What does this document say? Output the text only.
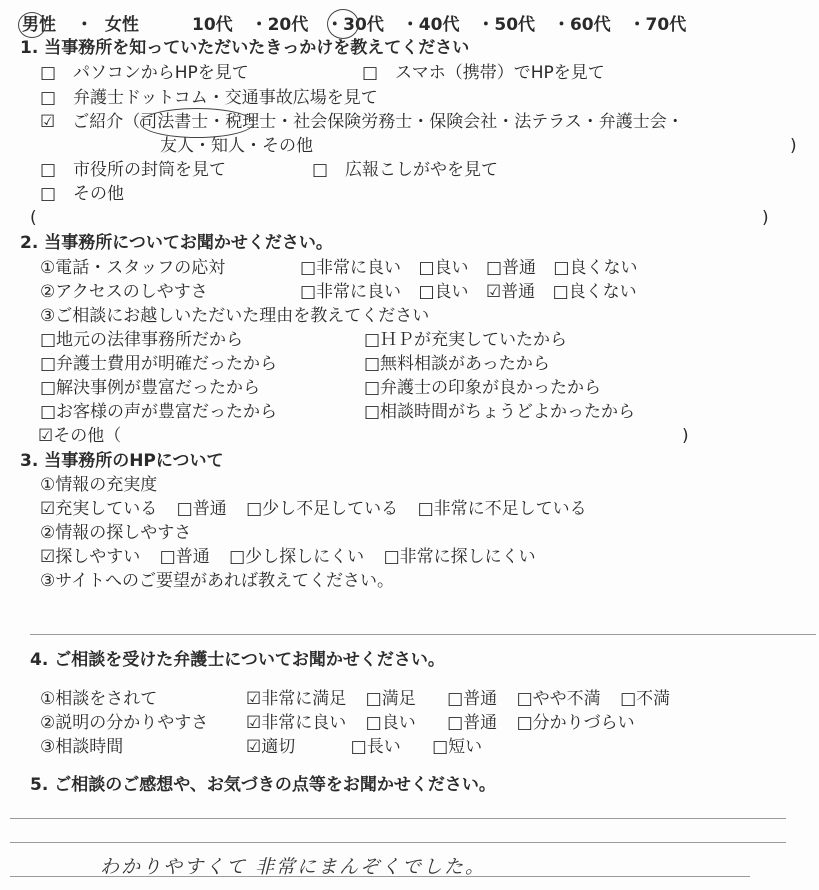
男性 ・ 女性	10代 ・20代 ・30代 ・40代 ・50代 ・60代 ・70代
1. 当事務所を知っていただいたきっかけを教えてください
□　パソコンからHPを見て	□　スマホ（携帯）でHPを見て
□　弁護士ドットコム・交通事故広場を見て
☑　ご紹介（司法書士・税理士・社会保険労務士・保険会社・法テラス・弁護士会・
友人・知人・その他	)
□　市役所の封筒を見て	□　広報こしがやを見て
□　その他
(	)
2. 当事務所についてお聞かせください。
①電話・スタッフの応対	□非常に良い □良い □普通 □良くない
②アクセスのしやすさ	□非常に良い □良い ☑普通 □良くない
③ご相談にお越しいただいた理由を教えてください
□地元の法律事務所だから	□ＨＰが充実していたから
□弁護士費用が明確だったから	□無料相談があったから
□解決事例が豊富だったから	□弁護士の印象が良かったから
□お客様の声が豊富だったから	□相談時間がちょうどよかったから
☑その他（	)
3. 当事務所のHPについて
①情報の充実度
☑充実している □普通 □少し不足している □非常に不足している
②情報の探しやすさ
☑探しやすい □普通 □少し探しにくい □非常に探しにくい
③サイトへのご要望があれば教えてください。
4. ご相談を受けた弁護士についてお聞かせください。
①相談をされて	☑非常に満足 □満足 □普通 □やや不満 □不満
②説明の分かりやすさ ☑非常に良い □良い □普通 □分かりづらい
③相談時間	☑適切	□長い □短い
5. ご相談のご感想や、お気づきの点等をお聞かせください。
わかりやすくて 非常にまんぞくでした。
